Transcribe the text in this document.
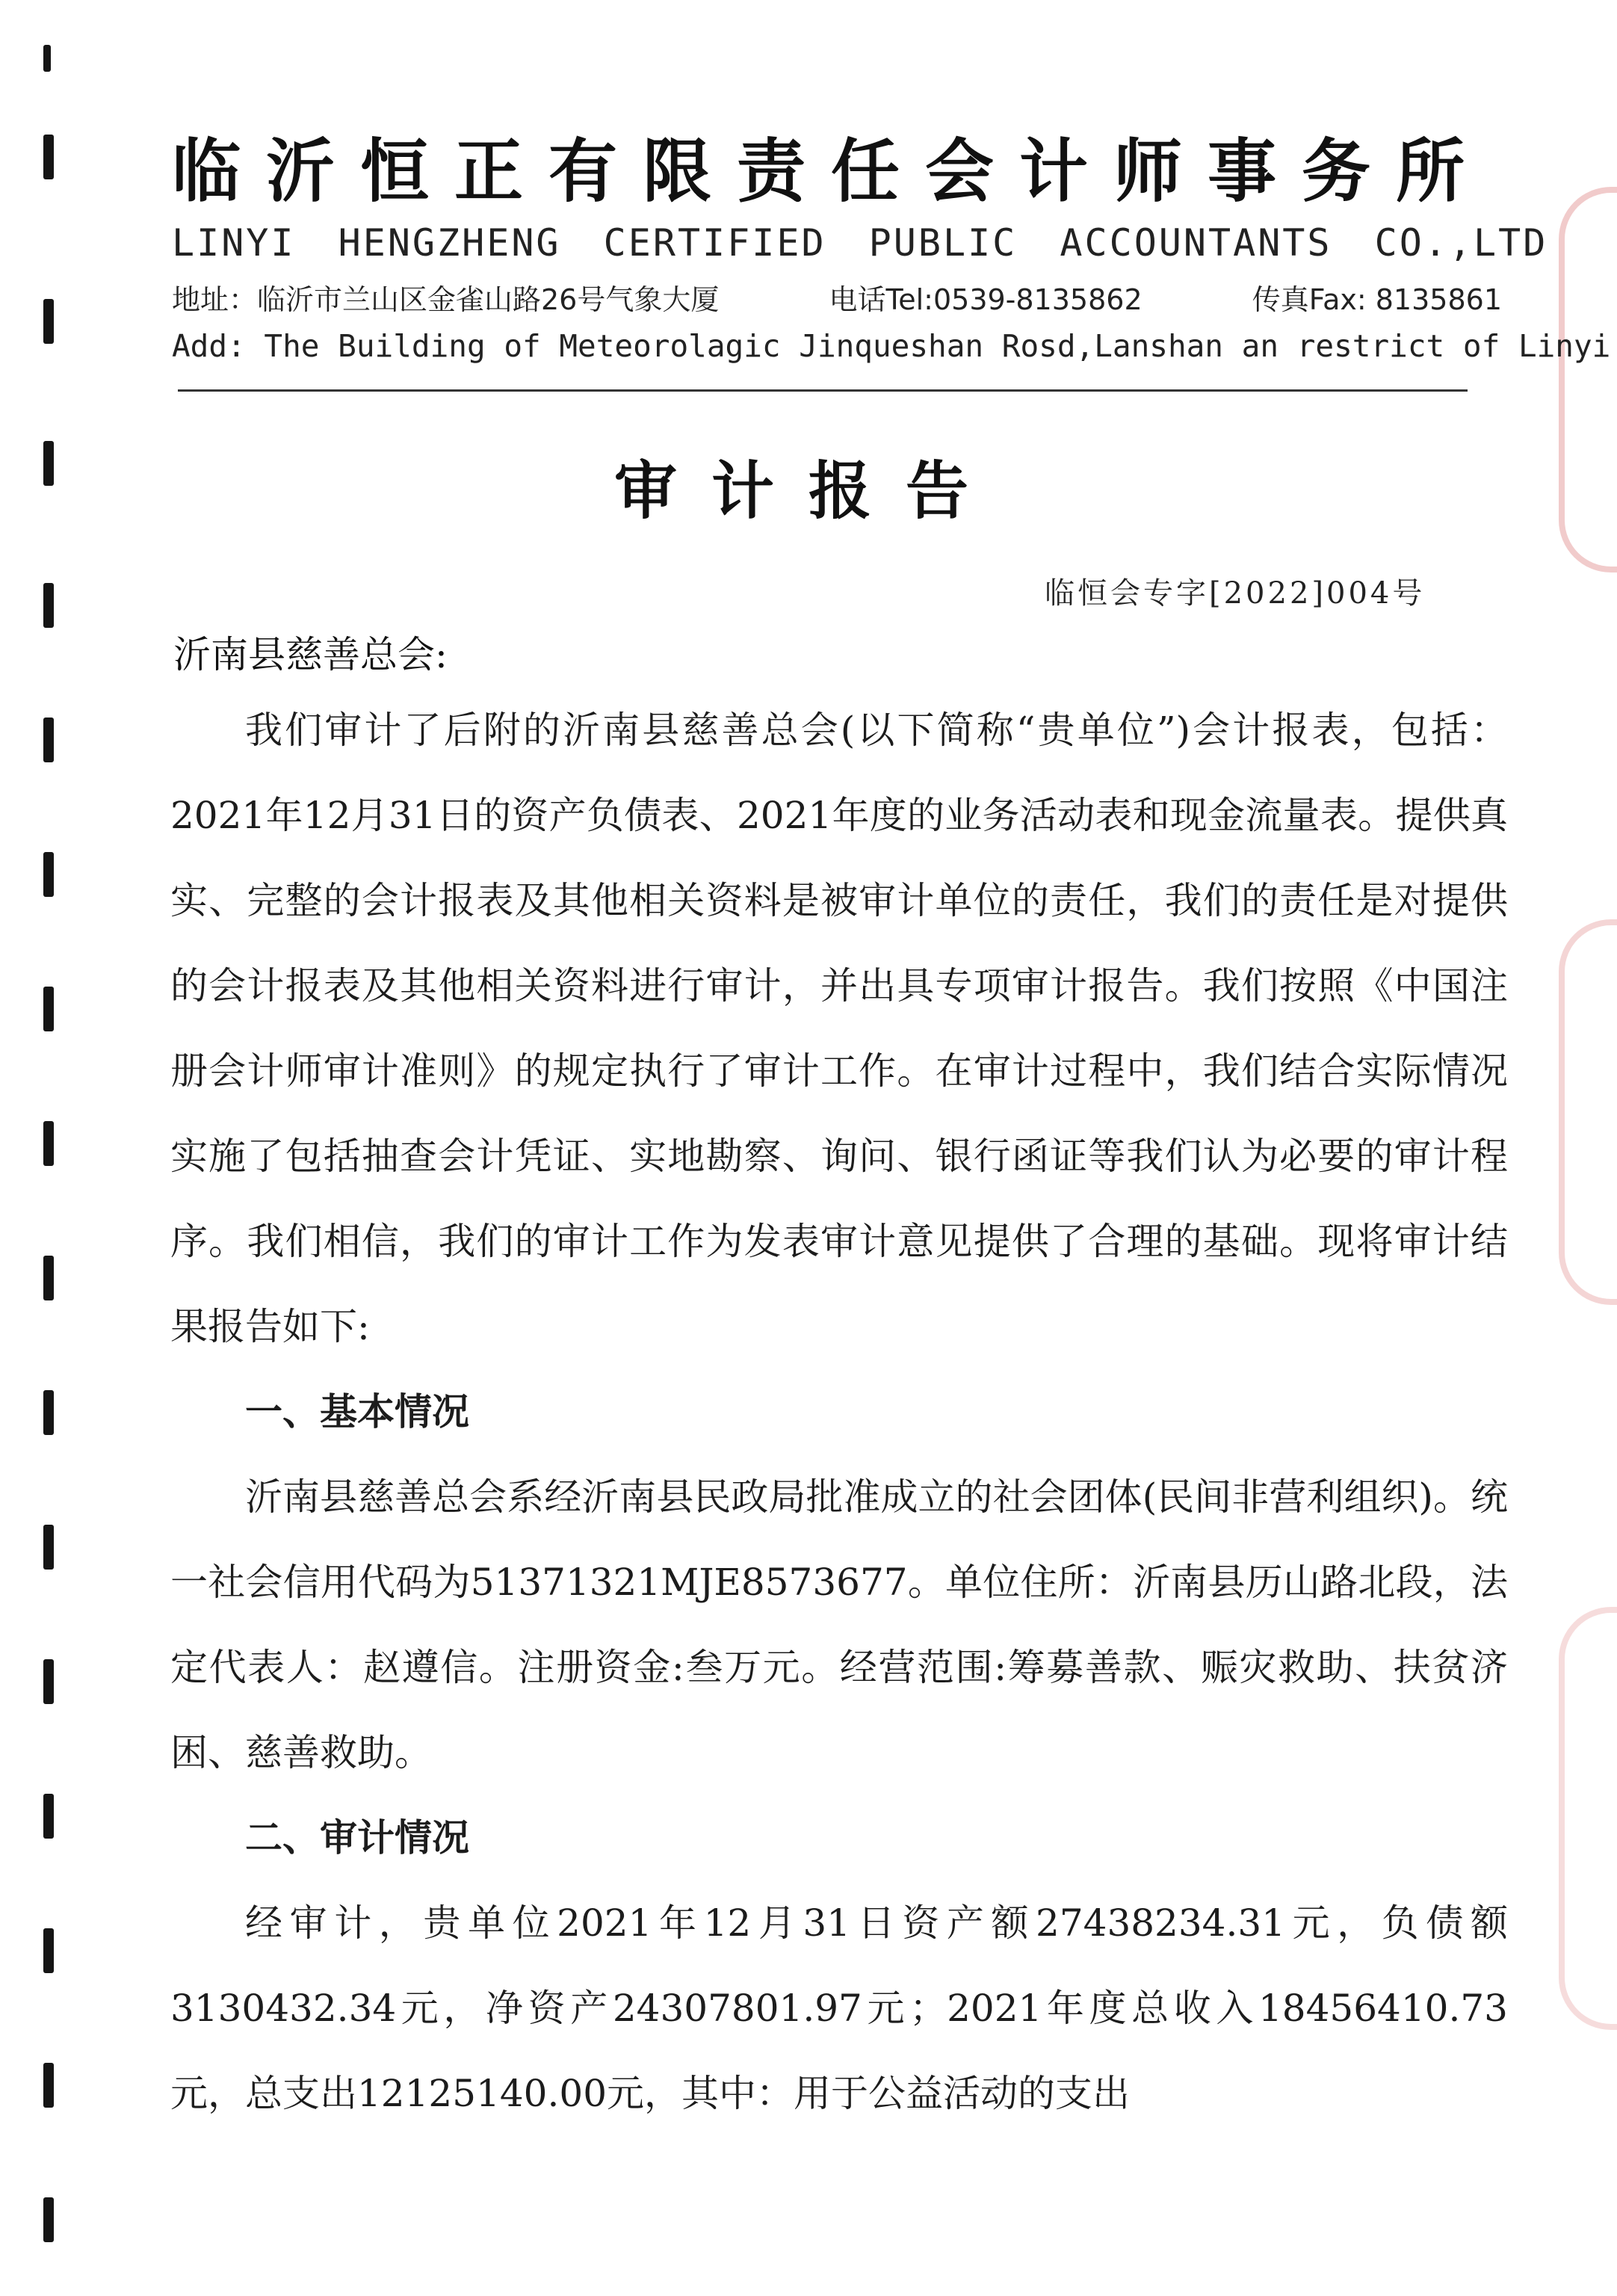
临沂恒正有限责任会计师事务所
LINYI HENGZHENG CERTIFIED PUBLIC ACCOUNTANTS CO.,LTD
地址：临沂市兰山区金雀山路26号气象大厦	电话Tel:0539-8135862	传真Fax: 8135861
Add: The Building of Meteorolagic Jinqueshan Rosd,Lanshan an restrict of Linyi
审计报告
临恒会专字[2022]004号
沂南县慈善总会:

我们审计了后附的沂南县慈善总会(以下简称“贵单位”)会计报表，包括：2021年12月31日的资产负债表、2021年度的业务活动表和现金流量表。提供真实、完整的会计报表及其他相关资料是被审计单位的责任，我们的责任是对提供的会计报表及其他相关资料进行审计，并出具专项审计报告。我们按照《中国注册会计师审计准则》的规定执行了审计工作。在审计过程中，我们结合实际情况实施了包括抽查会计凭证、实地勘察、询问、银行函证等我们认为必要的审计程序。我们相信，我们的审计工作为发表审计意见提供了合理的基础。现将审计结果报告如下:

一、基本情况

沂南县慈善总会系经沂南县民政局批准成立的社会团体(民间非营利组织)。统一社会信用代码为51371321MJE8573677。单位住所：沂南县历山路北段，法定代表人：赵遵信。注册资金:叁万元。经营范围:筹募善款、赈灾救助、扶贫济困、慈善救助。

二、审计情况

经审计，贵单位2021年12月31日资产额27438234.31元，负债额3130432.34元，净资产24307801.97元；2021年度总收入18456410.73元，总支出12125140.00元，其中：用于公益活动的支出
